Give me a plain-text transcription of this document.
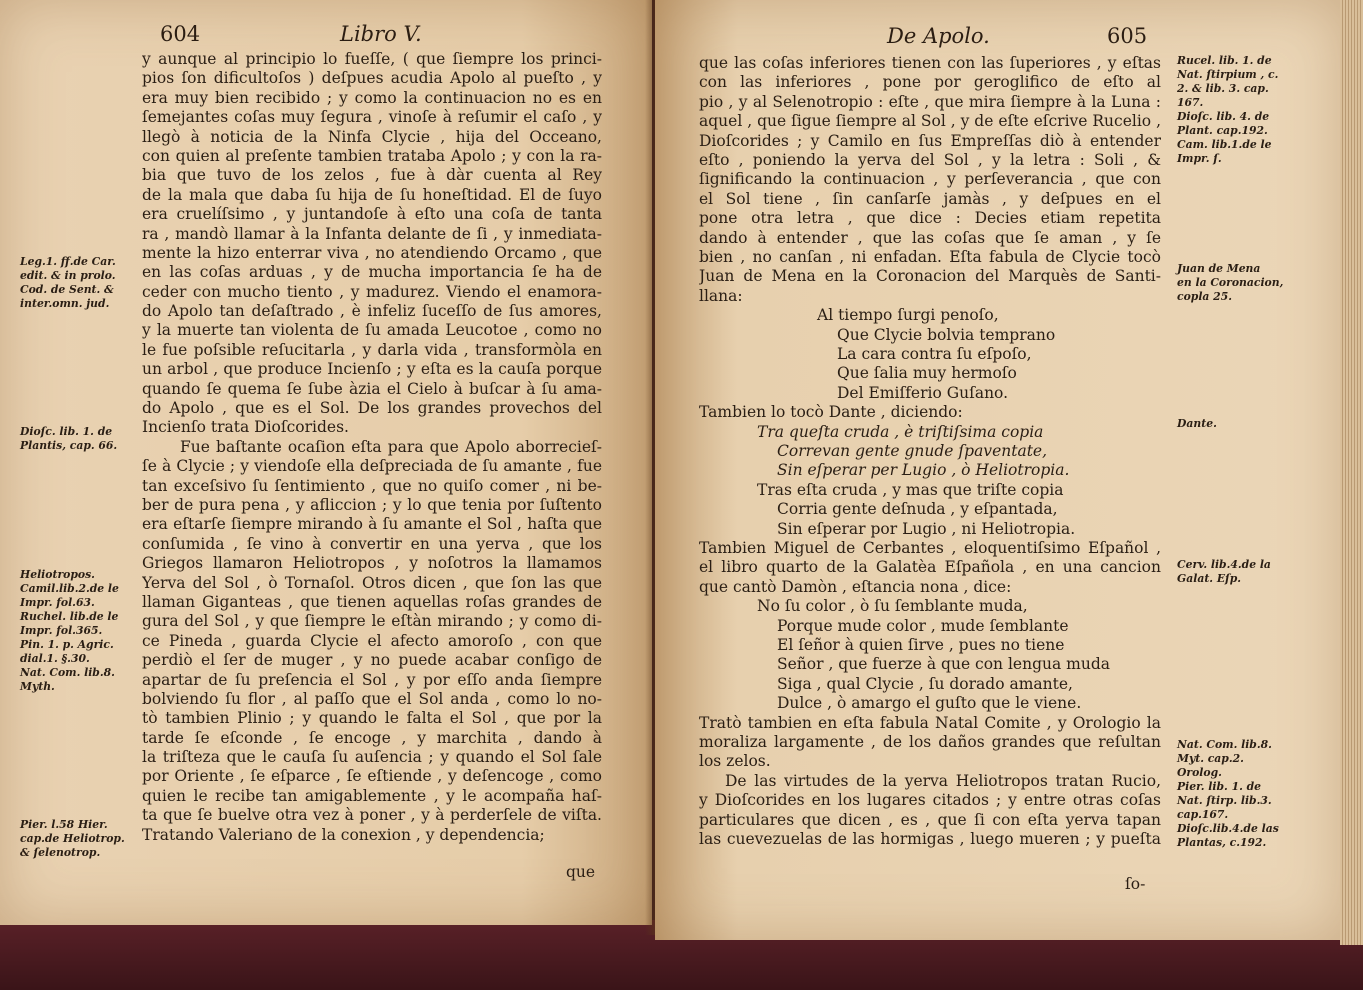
604	Libro V.
y aunque al principio lo fueſſe, ( que ſiempre los princi-
pios ſon dificultoſos ) deſpues acudia Apolo al pueſto , y
era muy bien recibido ; y como la continuacion no es en
ſemejantes coſas muy ſegura , vinoſe à reſumir el caſo , y
llegò à noticia de la Ninfa Clycie , hija del Occeano,
con quien al preſente tambien trataba Apolo ; y con la ra-
bia que tuvo de los zelos , fue à dàr cuenta al Rey
de la mala que daba ſu hija de ſu honeſtidad. El de ſuyo
era cruelíſsimo , y juntandoſe à eſto una coſa de tanta
ra , mandò llamar à la Infanta delante de ſi , y inmediata-
mente la hizo enterrar viva , no atendiendo Orcamo , que
en las coſas arduas , y de mucha importancia ſe ha de
ceder con mucho tiento , y madurez. Viendo el enamora-
do Apolo tan deſaſtrado , è infeliz ſuceſſo de ſus amores,
y la muerte tan violenta de ſu amada Leucotoe , como no
le fue poſsible reſucitarla , y darla vida , transformòla en
un arbol , que produce Incienſo ; y eſta es la cauſa porque
quando ſe quema ſe ſube àzia el Cielo à buſcar à ſu ama-
do Apolo , que es el Sol. De los grandes provechos del
Incienſo trata Dioſcorides.
Fue baſtante ocaſion eſta para que Apolo aborrecieſ-
ſe à Clycie ; y viendoſe ella deſpreciada de ſu amante , fue
tan exceſsivo ſu ſentimiento , que no quiſo comer , ni be-
ber de pura pena , y afliccion ; y lo que tenia por ſuſtento
era eſtarſe ſiempre mirando à ſu amante el Sol , haſta que
conſumida , ſe vino à convertir en una yerva , que los
Griegos llamaron Heliotropos , y noſotros la llamamos
Yerva del Sol , ò Tornaſol. Otros dicen , que ſon las que
llaman Giganteas , que tienen aquellas roſas grandes de
gura del Sol , y que ſiempre le eſtàn mirando ; y como di-
ce Pineda , guarda Clycie el afecto amoroſo , con que
perdiò el ſer de muger , y no puede acabar conſigo de
apartar de ſu preſencia el Sol , y por eſſo anda ſiempre
bolviendo ſu flor , al paſſo que el Sol anda , como lo no-
tò tambien Plinio ; y quando le falta el Sol , que por la
tarde ſe eſconde , ſe encoge , y marchita , dando à
la triſteza que le cauſa ſu auſencia ; y quando el Sol ſale
por Oriente , ſe eſparce , ſe eſtiende , y deſencoge , como
quien le recibe tan amigablemente , y le acompaña haſ-
ta que ſe buelve otra vez à poner , y à perderſele de viſta.
Tratando Valeriano de la conexion , y dependencia;
que
Leg.1. ff.de Car.
edit. & in prolo.
Cod. de Sent. &
inter.omn. jud.
Dioſc. lib. 1. de
Plantis, cap. 66.
Heliotropos.
Camil.lib.2.de le
Impr. fol.63.
Ruchel. lib.de le
Impr. fol.365.
Pin. 1. p. Agric.
dial.1. §.30.
Nat. Com. lib.8.
Myth.
Pier. l.58 Hier.
cap.de Heliotrop.
& ſelenotrop.
De Apolo.	605
que las coſas inferiores tienen con las ſuperiores , y eſtas
con las inferiores , pone por geroglifico de eſto al
pio , y al Selenotropio : eſte , que mira ſiempre à la Luna :
aquel , que ſigue ſiempre al Sol , y de eſte eſcrive Rucelio ,
Dioſcorides ; y Camilo en ſus Empreſſas diò à entender
eſto , poniendo la yerva del Sol , y la letra : Soli , &
ſignificando la continuacion , y perſeverancia , que con
el Sol tiene , ſin canſarſe jamàs , y deſpues en el
pone otra letra , que dice : Decies etiam repetita
dando à entender , que las coſas que ſe aman , y ſe
bien , no canſan , ni enfadan. Eſta fabula de Clycie tocò
Juan de Mena en la Coronacion del Marquès de Santi-
llana:
Al tiempo ſurgi penoſo,
Que Clycie bolvia temprano
La cara contra ſu eſpoſo,
Que ſalia muy hermoſo
Del Emiſferio Guſano.
Tambien lo tocò Dante , diciendo:
Tra queſta cruda , è triſtiſsima copia
Correvan gente gnude ſpaventate,
Sin eſperar per Lugio , ò Heliotropia.
Tras eſta cruda , y mas que triſte copia
Corria gente deſnuda , y eſpantada,
Sin eſperar por Lugio , ni Heliotropia.
Tambien Miguel de Cerbantes , eloquentiſsimo Eſpañol ,
el libro quarto de la Galatèa Eſpañola , en una cancion
que cantò Damòn , eſtancia nona , dice:
No ſu color , ò ſu ſemblante muda,
Porque mude color , mude ſemblante
El ſeñor à quien ſirve , pues no tiene
Señor , que fuerze à que con lengua muda
Siga , qual Clycie , ſu dorado amante,
Dulce , ò amargo el guſto que le viene.
Tratò tambien en eſta fabula Natal Comite , y Orologio la
moraliza largamente , de los daños grandes que reſultan
los zelos.
De las virtudes de la yerva Heliotropos tratan Rucio,
y Dioſcorides en los lugares citados ; y entre otras coſas
particulares que dicen , es , que ſi con eſta yerva tapan
las cuevezuelas de las hormigas , luego mueren ; y pueſta
ſo-
Rucel. lib. 1. de
Nat. ſtirpium , c.
2. & lib. 3. cap.
167.
Dioſc. lib. 4. de
Plant. cap.192.
Cam. lib.1.de le
Impr. ſ.
Juan de Mena
en la Coronacion,
copla 25.
Dante.
Cerv. lib.4.de la
Galat. Eſp.
Nat. Com. lib.8.
Myt. cap.2.
Orolog.
Pier. lib. 1. de
Nat. ſtirp. lib.3.
cap.167.
Dioſc.lib.4.de las
Plantas, c.192.
